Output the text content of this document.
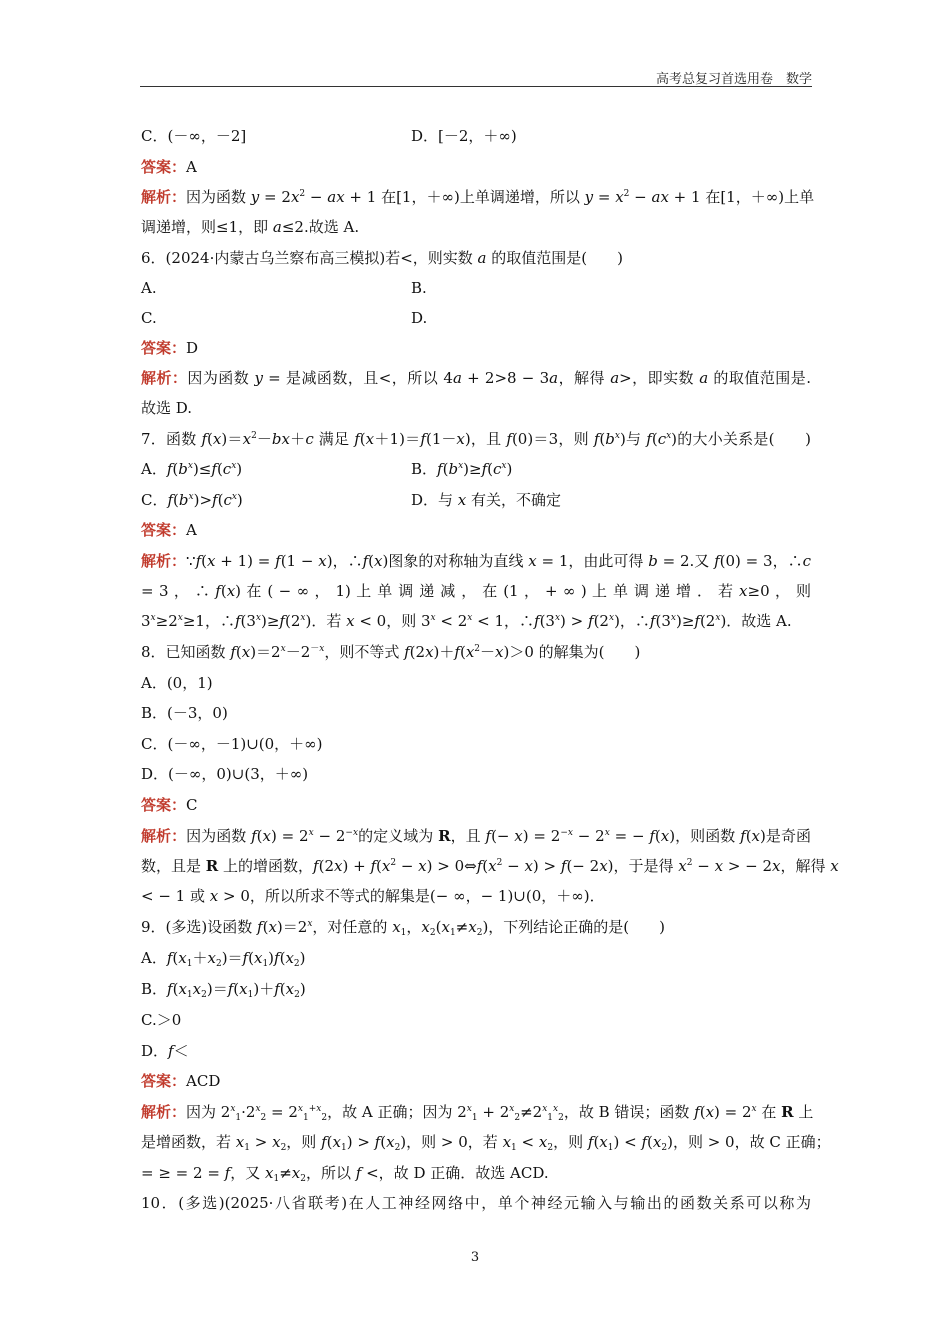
高考总复习首选用卷　数学
C．(－∞，－2]	D．[－2，＋∞)
答案：A
解析：因为函数 $y = 2x^2$ − ax + 1 在[1，＋∞)上单调递增，所以 $y = x^2$ − ax + 1 在[1，＋∞)上单
调递增，则≤1，即 a≤2.故选 A.
6．(2024·内蒙古乌兰察布高三模拟)若<，则实数 a 的取值范围是(　　)
A.	B.
C.	D.
答案：D
解析：因为函数 y = 是减函数，且<，所以 4a + 2>8 − 3a，解得 a>，即实数 a 的取值范围是.
故选 D.
7．函数 $f(x)=x^2-bx+c$ 满足 f(x＋1)＝f(1－x)，且 f(0)＝3，则 $f(b^x)$与 $f(c^x)$的大小关系是(　　)
A．$f(b^x)\le f(c^x)$	B．$f(b^x)\ge f(c^x)$
C．$f(b^x)>f(c^x)$	D．与 x 有关，不确定
答案：A
解析：∵f(x + 1) = f(1 − x)，∴f(x)图象的对称轴为直线 x = 1，由此可得 b = 2.又 f(0) = 3，∴c
= 3 ， ∴ f(x) 在 ( − ∞ ， 1) 上 单 调 递 减 ， 在 (1 ， + ∞ ) 上 单 调 递 增 ． 若 x≥0 ， 则
$3^x\ge 2^x\ge 1$，$\therefore f(3^x)\ge f(2^x)$．若 x < 0，则 $3^x < 2^x < 1$，$\therefore f(3^x) > f(2^x)$，$\therefore f(3^x)\ge f(2^x)$．故选 A.
8．已知函数 $f(x)=2^x-2^{-x}$，则不等式 $f(2x)+f(x^2-x)>0$ 的解集为(　　)
A．(0，1)
B．(－3，0)
C．(－∞，－1)∪(0，＋∞)
D．(－∞，0)∪(3，＋∞)
答案：C
解析：因为函数 $f(x) = 2^x - 2^{-x}$的定义域为 R，且 $f(- x) = 2^{-x} - 2^x$ = − f(x)，则函数 f(x)是奇函
数，且是 R 上的增函数，$f(2x) + f(x^2 - x)$ > $0\Leftrightarrow f(x^2 - x) > f(- 2x)$，于是得 $x^2 - x$ > − 2x，解得 x
< − 1 或 x > 0，所以所求不等式的解集是(− ∞，− 1)∪(0，＋∞)．
9．(多选)设函数 $f(x)=2^x$，对任意的 $x_1$，$x_2(x_1\ne x_2)$，下列结论正确的是(　　)
A．$f(x_1+x_2)=f(x_1)f(x_2)$
B．$f(x_1x_2)=f(x_1)+f(x_2)$
C.＞0
D．f＜
答案：ACD
解析：因为 $2^x_1\cdot 2^x_2 = 2^x_1^{+x}_2$，故 A 正确；因为 $2^x_1 + 2^x_2\ne 2^x_1^x_2$，故 B 错误；函数 $f(x) = 2^x$ 在 R 上
是增函数，若 $x_1 > x_2$，则 $f(x_1) > f(x_2)$，则 > 0，若 $x_1 < x_2$，则 $f(x_1) < f(x_2)$，则 > 0，故 C 正确；
= ≥ = 2 = f，又 $x_1\ne x_2$，所以 f <，故 D 正确．故选 ACD.
10．(多选)(2025·八省联考)在人工神经网络中，单个神经元输入与输出的函数关系可以称为
3
